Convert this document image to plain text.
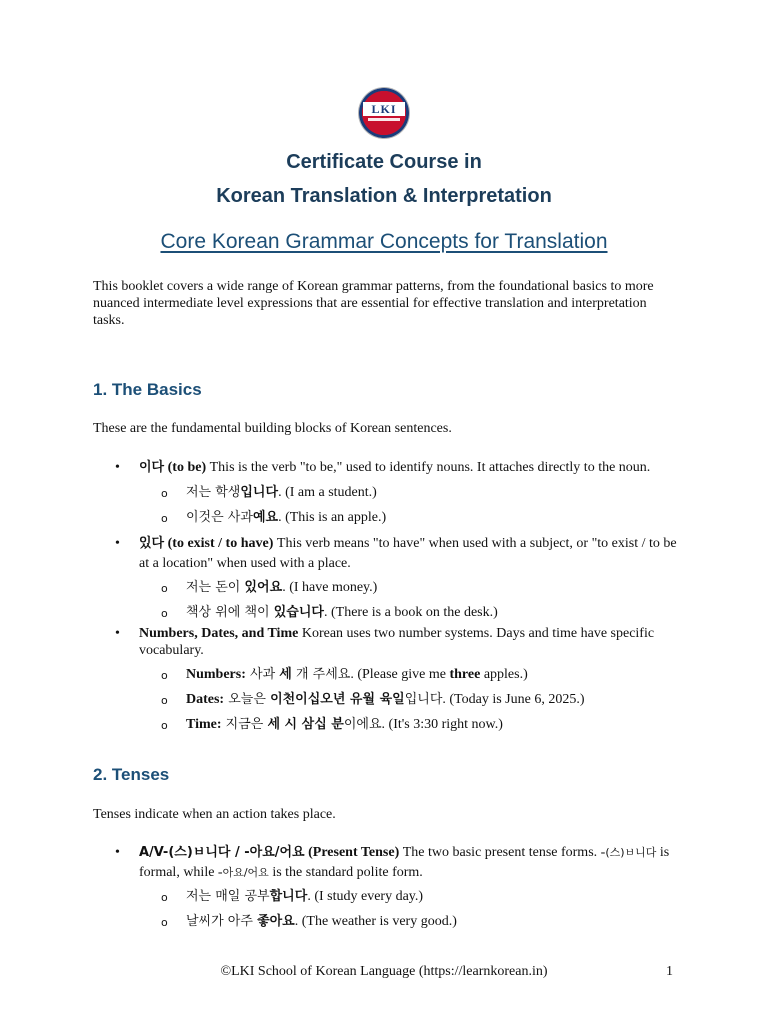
LKI
Certificate Course in
Korean Translation & Interpretation
Core Korean Grammar Concepts for Translation

This booklet covers a wide range of Korean grammar patterns, from the foundational basics to more nuanced intermediate level expressions that are essential for effective translation and interpretation tasks.

1. The Basics

These are the fundamental building blocks of Korean sentences.

• 이다 (to be) This is the verb "to be," used to identify nouns. It attaches directly to the noun.

o 저는 학생입니다. (I am a student.)

o 이것은 사과예요. (This is an apple.)

• 있다 (to exist / to have) This verb means "to have" when used with a subject, or "to exist / to be at a location" when used with a place.

o 저는 돈이 있어요. (I have money.)

o 책상 위에 책이 있습니다. (There is a book on the desk.)

• Numbers, Dates, and Time Korean uses two number systems. Days and time have specific vocabulary.

o Numbers: 사과 세 개 주세요. (Please give me three apples.)

o Dates: 오늘은 이천이십오년 유월 육일입니다. (Today is June 6, 2025.)

o Time: 지금은 세 시 삼십 분이에요. (It's 3:30 right now.)

2. Tenses

Tenses indicate when an action takes place.

• A/V-(스)ㅂ니다 / -아요/어요 (Present Tense) The two basic present tense forms. -(스)ㅂ니다 is formal, while -아요/어요 is the standard polite form.

o 저는 매일 공부합니다. (I study every day.)

o 날씨가 아주 좋아요. (The weather is very good.)

©LKI School of Korean Language (https://learnkorean.in)	1
